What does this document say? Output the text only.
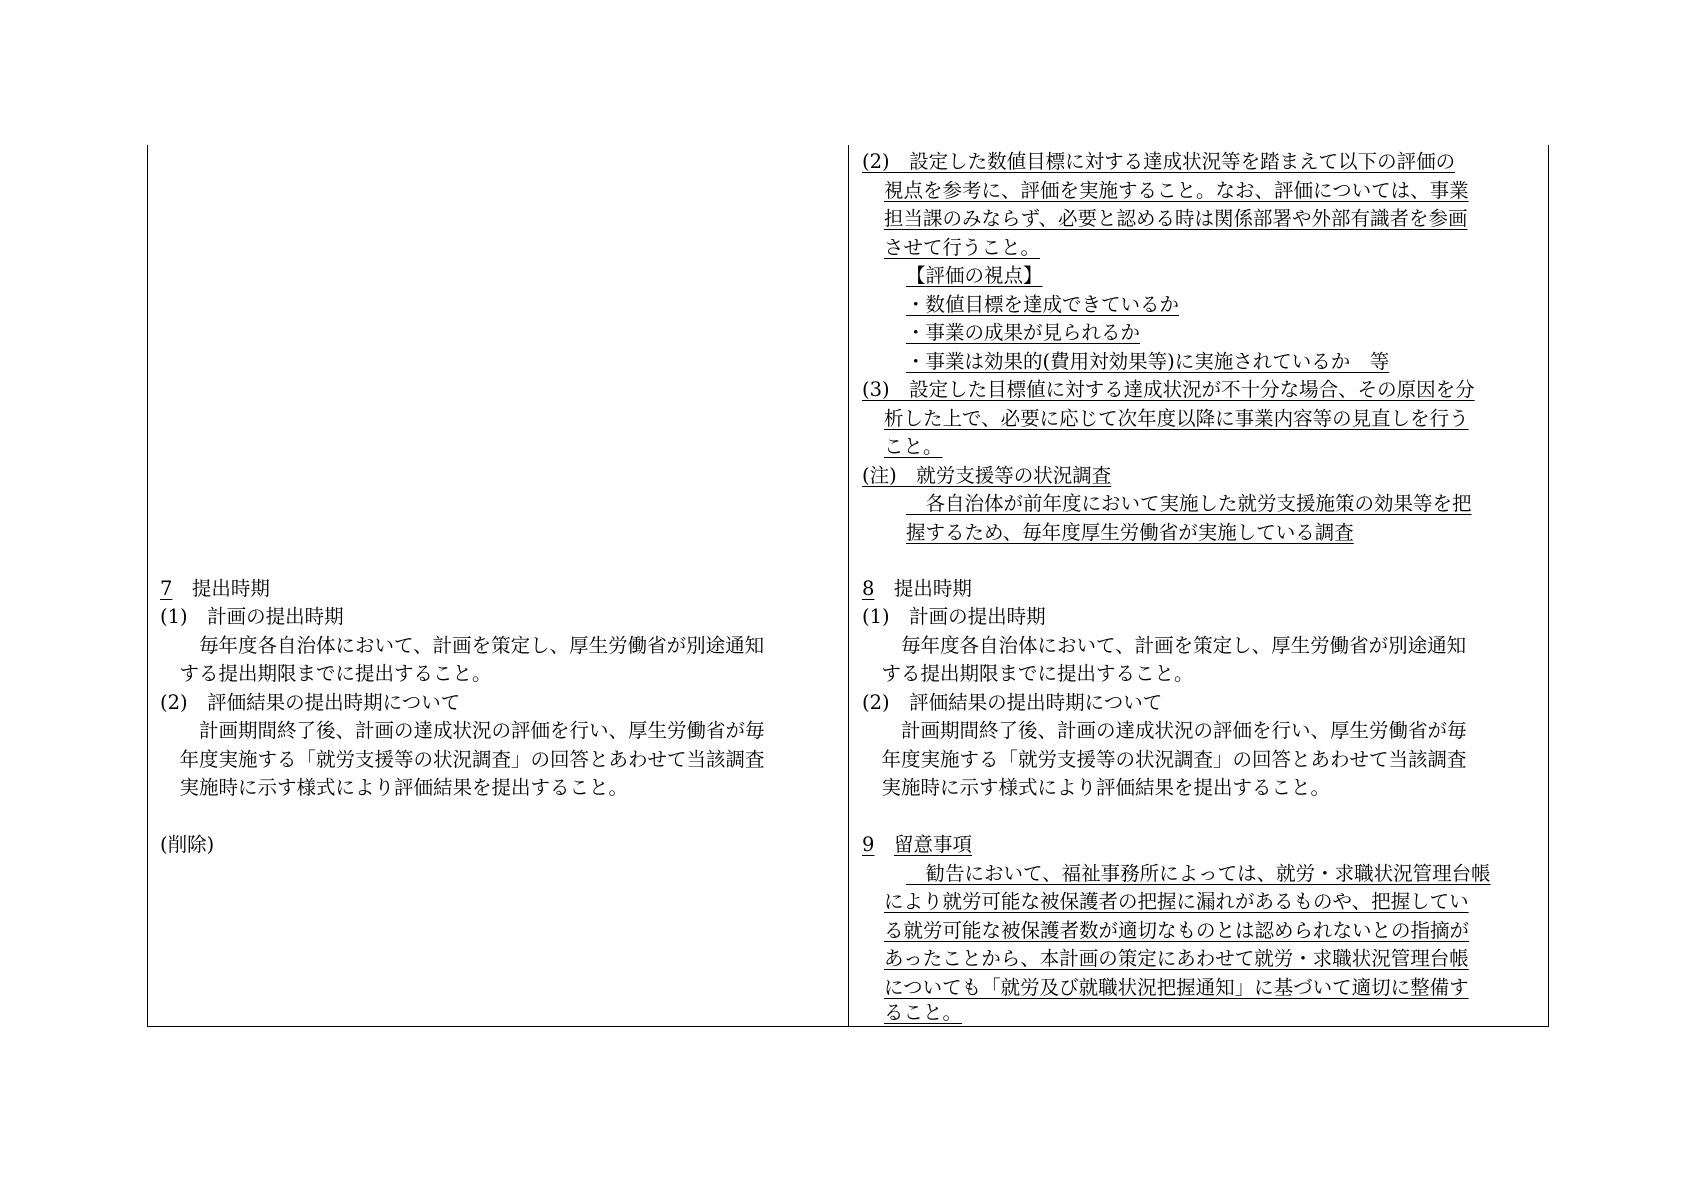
7　提出時期
(1)　計画の提出時期
　　毎年度各自治体において、計画を策定し、厚生労働省が別途通知
　する提出期限までに提出すること。
(2)　評価結果の提出時期について
　　計画期間終了後、計画の達成状況の評価を行い、厚生労働省が毎
　年度実施する「就労支援等の状況調査」の回答とあわせて当該調査
　実施時に示す様式により評価結果を提出すること。
(削除)
(2)　設定した数値目標に対する達成状況等を踏まえて以下の評価の
視点を参考に、評価を実施すること。なお、評価については、事業
担当課のみならず、必要と認める時は関係部署や外部有識者を参画
させて行うこと。
【評価の視点】
・数値目標を達成できているか
・事業の成果が見られるか
・事業は効果的(費用対効果等)に実施されているか　等
(3)　設定した目標値に対する達成状況が不十分な場合、その原因を分
析した上で、必要に応じて次年度以降に事業内容等の見直しを行う
こと。
(注)　就労支援等の状況調査
　各自治体が前年度において実施した就労支援施策の効果等を把
握するため、毎年度厚生労働省が実施している調査
8　提出時期
(1)　計画の提出時期
　　毎年度各自治体において、計画を策定し、厚生労働省が別途通知
　する提出期限までに提出すること。
(2)　評価結果の提出時期について
　　計画期間終了後、計画の達成状況の評価を行い、厚生労働省が毎
　年度実施する「就労支援等の状況調査」の回答とあわせて当該調査
　実施時に示す様式により評価結果を提出すること。
9　 留意事項
　勧告において、福祉事務所によっては、就労・求職状況管理台帳
により就労可能な被保護者の把握に漏れがあるものや、把握してい
る就労可能な被保護者数が適切なものとは認められないとの指摘が
あったことから、本計画の策定にあわせて就労・求職状況管理台帳
についても「就労及び就職状況把握通知」に基づいて適切に整備す
ること。
